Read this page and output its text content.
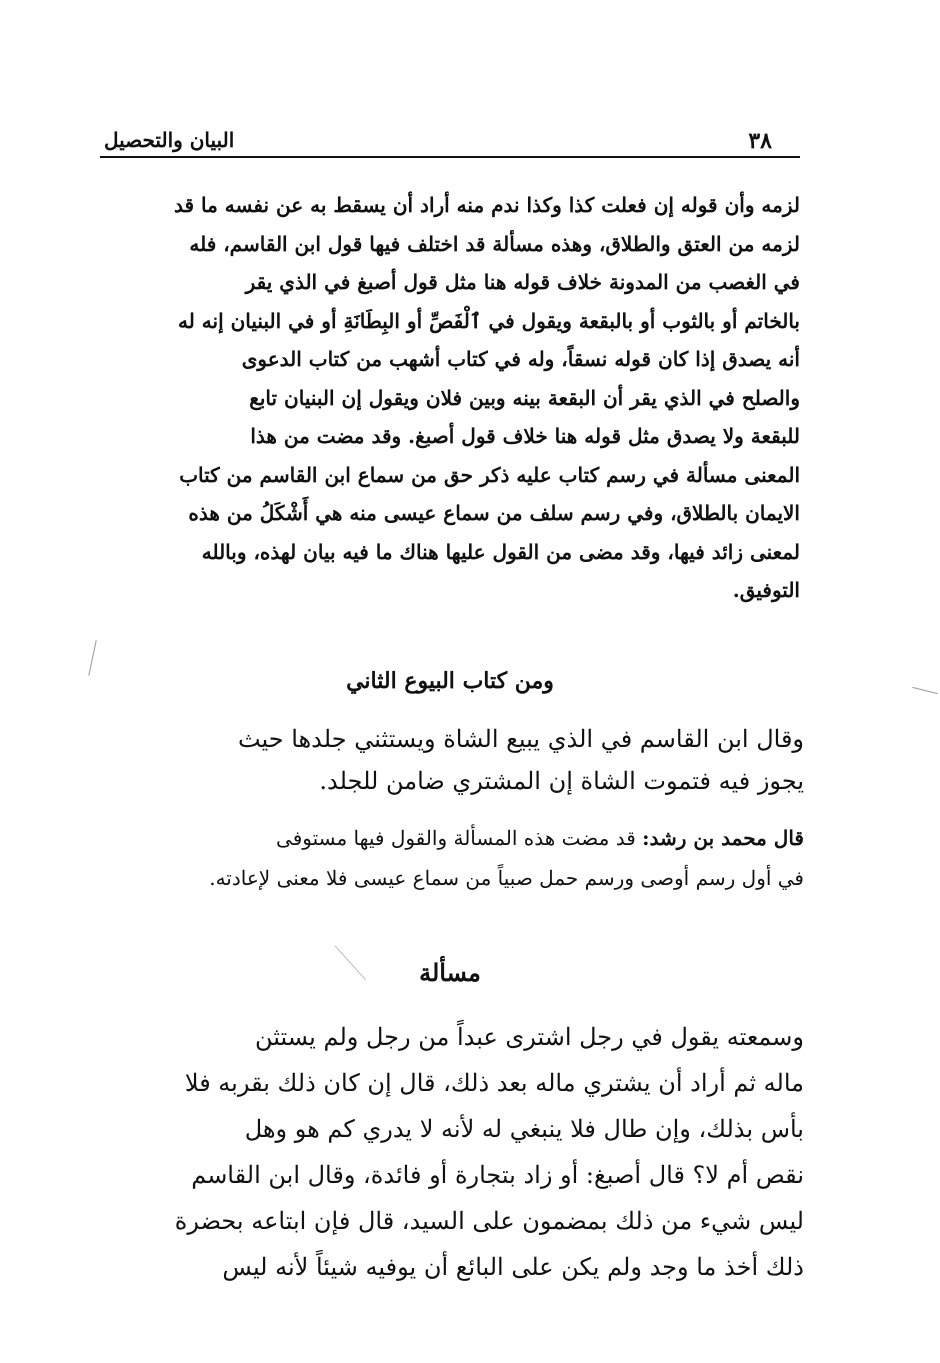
البيان والتحصيل	٣٨

لزمه وأن قوله إن فعلت كذا وكذا ندم منه أراد أن يسقط به عن نفسه ما قد

لزمه من العتق والطلاق، وهذه مسألة قد اختلف فيها قول ابن القاسم، فله

في الغصب من المدونة خلاف قوله هنا مثل قول أصبغ في الذي يقر

بالخاتم أو بالثوب أو بالبقعة ويقول في ٱلْفَصِّ أو البِطَانَةِ أو في البنيان إنه له

أنه يصدق إذا كان قوله نسقاً، وله في كتاب أشهب من كتاب الدعوى

والصلح في الذي يقر أن البقعة بينه وبين فلان ويقول إن البنيان تابع

للبقعة ولا يصدق مثل قوله هنا خلاف قول أصبغ. وقد مضت من هذا

المعنى مسألة في رسم كتاب عليه ذكر حق من سماع ابن القاسم من كتاب

الايمان بالطلاق، وفي رسم سلف من سماع عيسى منه هي أَشْكَلُ من هذه

لمعنى زائد فيها، وقد مضى من القول عليها هناك ما فيه بيان لهذه، وبالله

التوفيق.

ومن كتاب البيوع الثاني

وقال ابن القاسم في الذي يبيع الشاة ويستثني جلدها حيث

يجوز فيه فتموت الشاة إن المشتري ضامن للجلد.

قال محمد بن رشد: قد مضت هذه المسألة والقول فيها مستوفى

في أول رسم أوصى ورسم حمل صبياً من سماع عيسى فلا معنى لإعادته.

مسألة

وسمعته يقول في رجل اشترى عبداً من رجل ولم يستثن

ماله ثم أراد أن يشتري ماله بعد ذلك، قال إن كان ذلك بقربه فلا

بأس بذلك، وإن طال فلا ينبغي له لأنه لا يدري كم هو وهل

نقص أم لا؟ قال أصبغ: أو زاد بتجارة أو فائدة، وقال ابن القاسم

ليس شيء من ذلك بمضمون على السيد، قال فإن ابتاعه بحضرة

ذلك أخذ ما وجد ولم يكن على البائع أن يوفيه شيئاً لأنه ليس
